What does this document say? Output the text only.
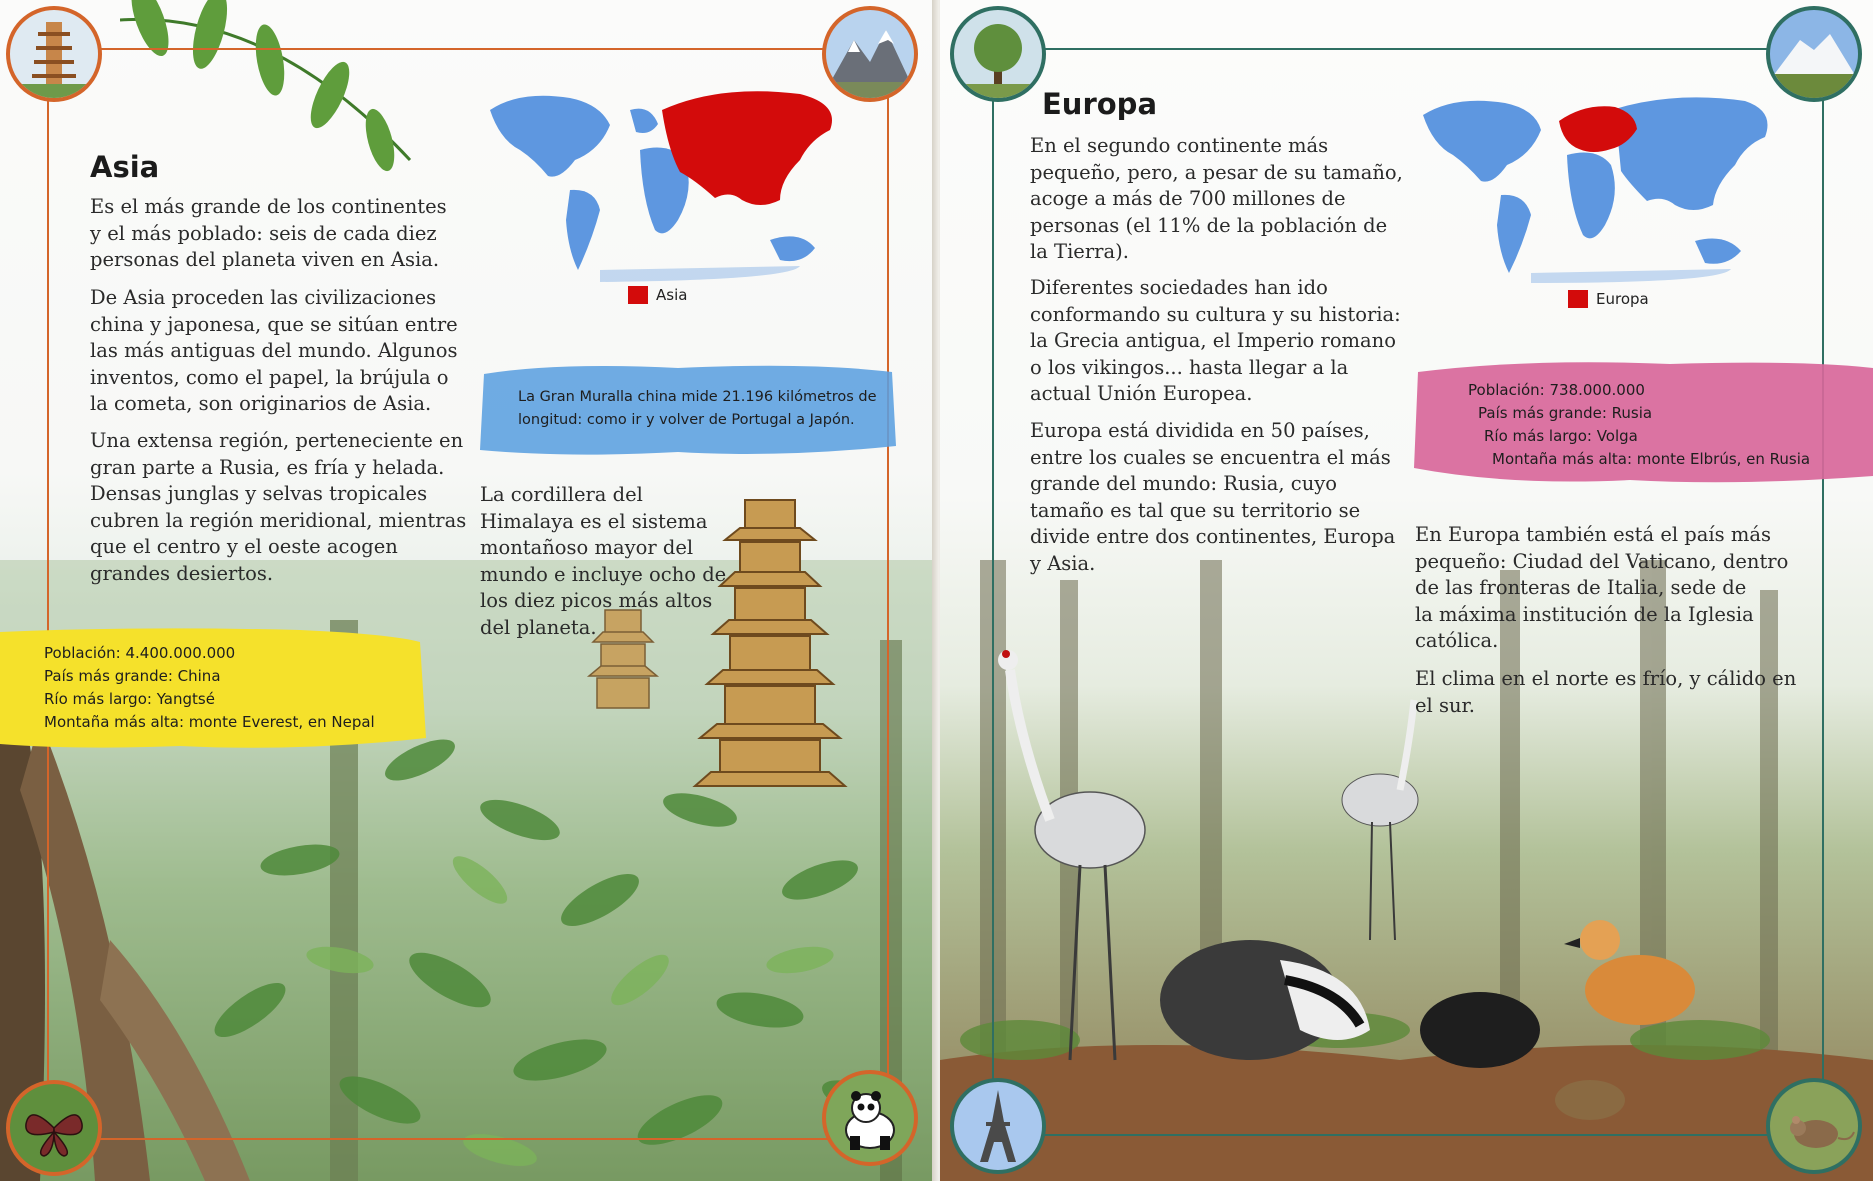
Asia

Es el más grande de los continentes
y el más poblado: seis de cada diez
personas del planeta viven en Asia.

De Asia proceden las civilizaciones
china y japonesa, que se sitúan entre
las más antiguas del mundo. Algunos
inventos, como el papel, la brújula o
la cometa, son originarios de Asia.

Una extensa región, perteneciente en
gran parte a Rusia, es fría y helada.
Densas junglas y selvas tropicales
cubren la región meridional, mientras
que el centro y el oeste acogen
grandes desiertos.

Asia
La Gran Muralla china mide 21.196 kilómetros de
longitud: como ir y volver de Portugal a Japón.

La cordillera del
Himalaya es el sistema
montañoso mayor del
mundo e incluye ocho de
los diez picos más altos
del planeta.

Población: 4.400.000.000
País más grande: China
Río más largo: Yangtsé
Montaña más alta: monte Everest, en Nepal
Europa

En el segundo continente más
pequeño, pero, a pesar de su tamaño,
acoge a más de 700 millones de
personas (el 11% de la población de
la Tierra).

Diferentes sociedades han ido
conformando su cultura y su historia:
la Grecia antigua, el Imperio romano
o los vikingos... hasta llegar a la
actual Unión Europea.

Europa está dividida en 50 países,
entre los cuales se encuentra el más
grande del mundo: Rusia, cuyo
tamaño es tal que su territorio se
divide entre dos continentes, Europa
y Asia.

Europa
Población: 738.000.000
País más grande: Rusia
Río más largo: Volga
Montaña más alta: monte Elbrús, en Rusia

En Europa también está el país más
pequeño: Ciudad del Vaticano, dentro
de las fronteras de Italia, sede de
la máxima institución de la Iglesia
católica.

El clima en el norte es frío, y cálido en
el sur.
